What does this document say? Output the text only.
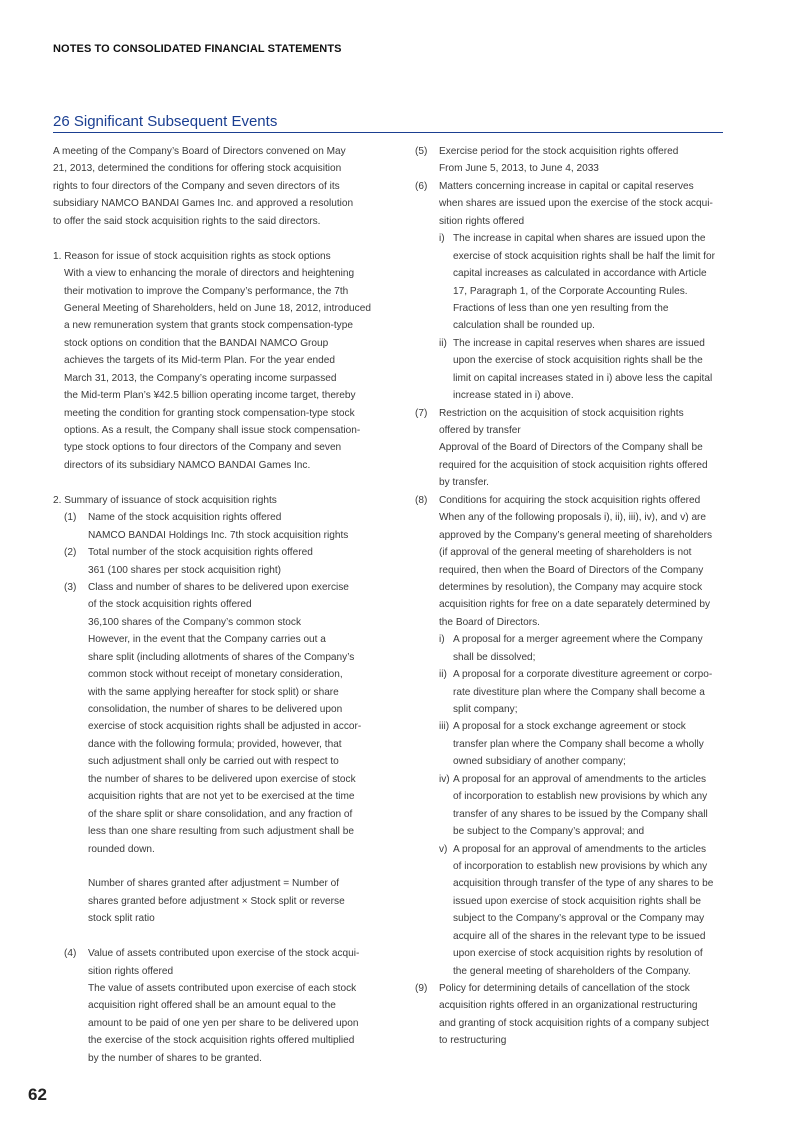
NOTES TO CONSOLIDATED FINANCIAL STATEMENTS
26 Significant Subsequent Events
A meeting of the Company’s Board of Directors convened on May
21, 2013, determined the conditions for offering stock acquisition
rights to four directors of the Company and seven directors of its
subsidiary NAMCO BANDAI Games Inc. and approved a resolution
to offer the said stock acquisition rights to the said directors.
1. Reason for issue of stock acquisition rights as stock options
With a view to enhancing the morale of directors and heightening
their motivation to improve the Company’s performance, the 7th
General Meeting of Shareholders, held on June 18, 2012, introduced
a new remuneration system that grants stock compensation-type
stock options on condition that the BANDAI NAMCO Group
achieves the targets of its Mid-term Plan. For the year ended
March 31, 2013, the Company’s operating income surpassed
the Mid-term Plan’s ¥42.5 billion operating income target, thereby
meeting the condition for granting stock compensation-type stock
options. As a result, the Company shall issue stock compensation-
type stock options to four directors of the Company and seven
directors of its subsidiary NAMCO BANDAI Games Inc.
2. Summary of issuance of stock acquisition rights
(1) Name of the stock acquisition rights offered
NAMCO BANDAI Holdings Inc. 7th stock acquisition rights
(2) Total number of the stock acquisition rights offered
361 (100 shares per stock acquisition right)
(3) Class and number of shares to be delivered upon exercise
of the stock acquisition rights offered
36,100 shares of the Company’s common stock
However, in the event that the Company carries out a
share split (including allotments of shares of the Company’s
common stock without receipt of monetary consideration,
with the same applying hereafter for stock split) or share
consolidation, the number of shares to be delivered upon
exercise of stock acquisition rights shall be adjusted in accor-
dance with the following formula; provided, however, that
such adjustment shall only be carried out with respect to
the number of shares to be delivered upon exercise of stock
acquisition rights that are not yet to be exercised at the time
of the share split or share consolidation, and any fraction of
less than one share resulting from such adjustment shall be
rounded down.
Number of shares granted after adjustment = Number of
shares granted before adjustment × Stock split or reverse
stock split ratio
(4) Value of assets contributed upon exercise of the stock acqui-
sition rights offered
The value of assets contributed upon exercise of each stock
acquisition right offered shall be an amount equal to the
amount to be paid of one yen per share to be delivered upon
the exercise of the stock acquisition rights offered multiplied
by the number of shares to be granted.
(5) Exercise period for the stock acquisition rights offered
From June 5, 2013, to June 4, 2033
(6) Matters concerning increase in capital or capital reserves
when shares are issued upon the exercise of the stock acqui-
sition rights offered
i) The increase in capital when shares are issued upon the
exercise of stock acquisition rights shall be half the limit for
capital increases as calculated in accordance with Article
17, Paragraph 1, of the Corporate Accounting Rules.
Fractions of less than one yen resulting from the
calculation shall be rounded up.
ii) The increase in capital reserves when shares are issued
upon the exercise of stock acquisition rights shall be the
limit on capital increases stated in i) above less the capital
increase stated in i) above.
(7) Restriction on the acquisition of stock acquisition rights
offered by transfer
Approval of the Board of Directors of the Company shall be
required for the acquisition of stock acquisition rights offered
by transfer.
(8) Conditions for acquiring the stock acquisition rights offered
When any of the following proposals i), ii), iii), iv), and v) are
approved by the Company’s general meeting of shareholders
(if approval of the general meeting of shareholders is not
required, then when the Board of Directors of the Company
determines by resolution), the Company may acquire stock
acquisition rights for free on a date separately determined by
the Board of Directors.
i) A proposal for a merger agreement where the Company
shall be dissolved;
ii) A proposal for a corporate divestiture agreement or corpo-
rate divestiture plan where the Company shall become a
split company;
iii) A proposal for a stock exchange agreement or stock
transfer plan where the Company shall become a wholly
owned subsidiary of another company;
iv) A proposal for an approval of amendments to the articles
of incorporation to establish new provisions by which any
transfer of any shares to be issued by the Company shall
be subject to the Company’s approval; and
v) A proposal for an approval of amendments to the articles
of incorporation to establish new provisions by which any
acquisition through transfer of the type of any shares to be
issued upon exercise of stock acquisition rights shall be
subject to the Company’s approval or the Company may
acquire all of the shares in the relevant type to be issued
upon exercise of stock acquisition rights by resolution of
the general meeting of shareholders of the Company.
(9) Policy for determining details of cancellation of the stock
acquisition rights offered in an organizational restructuring
and granting of stock acquisition rights of a company subject
to restructuring
62
